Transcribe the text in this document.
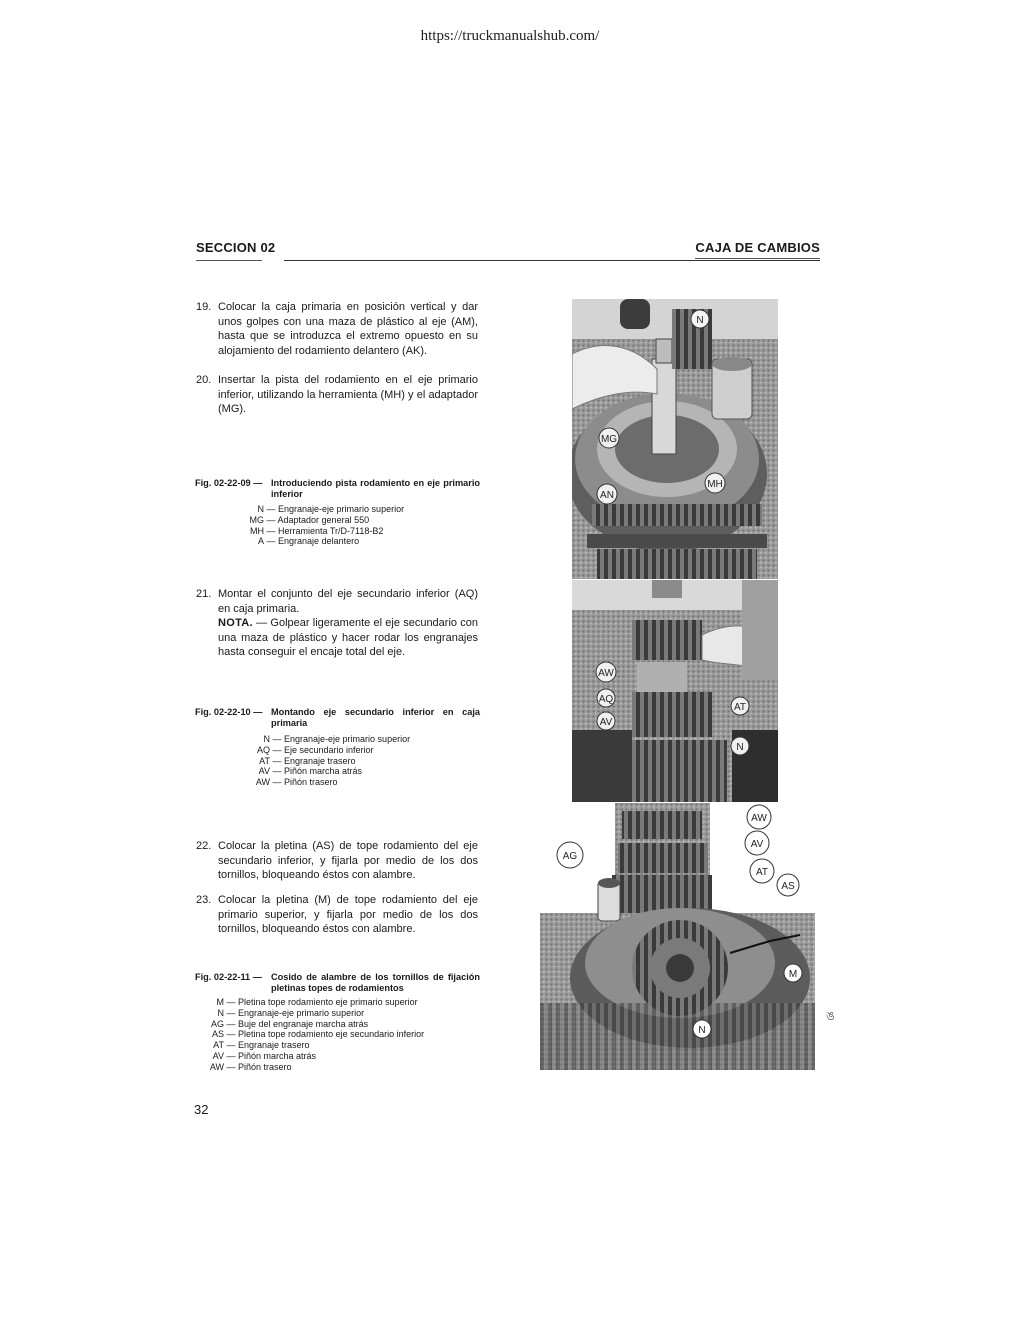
https://truckmanualshub.com/
SECCION 02	CAJA DE CAMBIOS
19. Colocar la caja primaria en posición vertical y dar unos golpes con una maza de plástico al eje (AM), hasta que se introduzca el extremo opuesto en su alojamiento del rodamiento delantero (AK).
20. Insertar la pista del rodamiento en el eje primario inferior, utilizando la herramienta (MH) y el adaptador (MG).
Fig. 02-22-09 — Introduciendo pista rodamiento en eje primario inferior
N — Engranaje-eje primario superior
MG — Adaptador general 550
MH — Herramienta Tr/D-7118-B2
A — Engranaje delantero
21. Montar el conjunto del eje secundario inferior (AQ) en caja primaria.
NOTA. — Golpear ligeramente el eje secundario con una maza de plástico y hacer rodar los engranajes hasta conseguir el encaje total del eje.
Fig. 02-22-10 — Montando eje secundario inferior en caja primaria
N — Engranaje-eje primario superior
AQ — Eje secundario inferior
AT — Engranaje trasero
AV — Piñón marcha atrás
AW — Piñón trasero
22. Colocar la pletina (AS) de tope rodamiento del eje secundario inferior, y fijarla por medio de los dos tornillos, bloqueando éstos con alambre.
23. Colocar la pletina (M) de tope rodamiento del eje primario superior, y fijarla por medio de los dos tornillos, bloqueando éstos con alambre.
Fig. 02-22-11 — Cosido de alambre de los tornillos de fijación pletinas topes de rodamientos
M — Pletina tope rodamiento eje primario superior
N — Engranaje-eje primario superior
AG — Buje del engranaje marcha atrás
AS — Pletina tope rodamiento eje secundario inferior
AT — Engranaje trasero
AV — Piñón marcha atrás
AW — Piñón trasero
32
ঙ
N
MG
AN
MH
AW
AQ
AV
AT
N
AW
AV
AG
AT
AS
M
N
